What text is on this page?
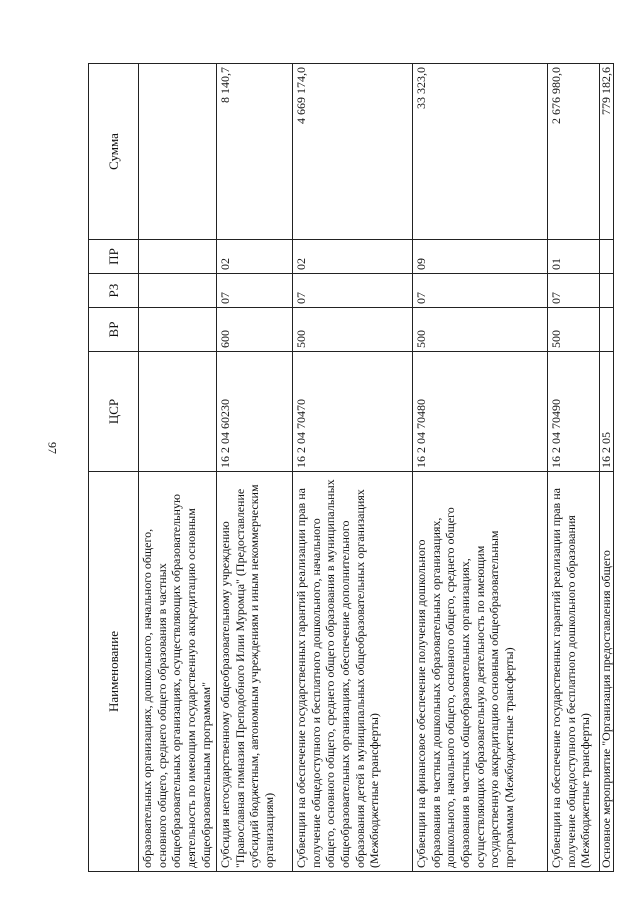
97
Наименование	ЦСР	ВР	РЗ	ПР	Сумма
образовательных организациях, дошкольного, начального общего, основного общего, среднего общего образования в частных общеобразовательных организациях, осуществляющих образовательную деятельность по имеющим государственную аккредитацию основным общеобразовательным программам"					
Субсидия негосударственному общеобразовательному учреждению "Православная гимназия Преподобного Илии Муромца" (Предоставление субсидий бюджетным, автономным учреждениям и иным некоммерческим организациям)	16 2 04 60230	600	07	02	8 140,7
Субвенции на обеспечение государственных гарантий реализации прав на получение общедоступного и бесплатного дошкольного, начального общего, основного общего, среднего общего образования в муниципальных общеобразовательных организациях, обеспечение дополнительного образования детей в муниципальных общеобразовательных организациях (Межбюджетные трансферты)	16 2 04 70470	500	07	02	4 669 174,0
Субвенции на финансовое обеспечение получения дошкольного образования в частных дошкольных образовательных организациях, дошкольного, начального общего, основного общего, среднего общего образования в частных общеобразовательных организациях, осуществляющих образовательную деятельность по имеющим государственную аккредитацию основным общеобразовательным программам (Межбюджетные трансферты)	16 2 04 70480	500	07	09	33 323,0
Субвенции на обеспечение государственных гарантий реализации прав на получение общедоступного и бесплатного дошкольного образования (Межбюджетные трансферты)	16 2 04 70490	500	07	01	2 676 980,0
Основное мероприятие "Организация предоставления общего	16 2 05				779 182,6
